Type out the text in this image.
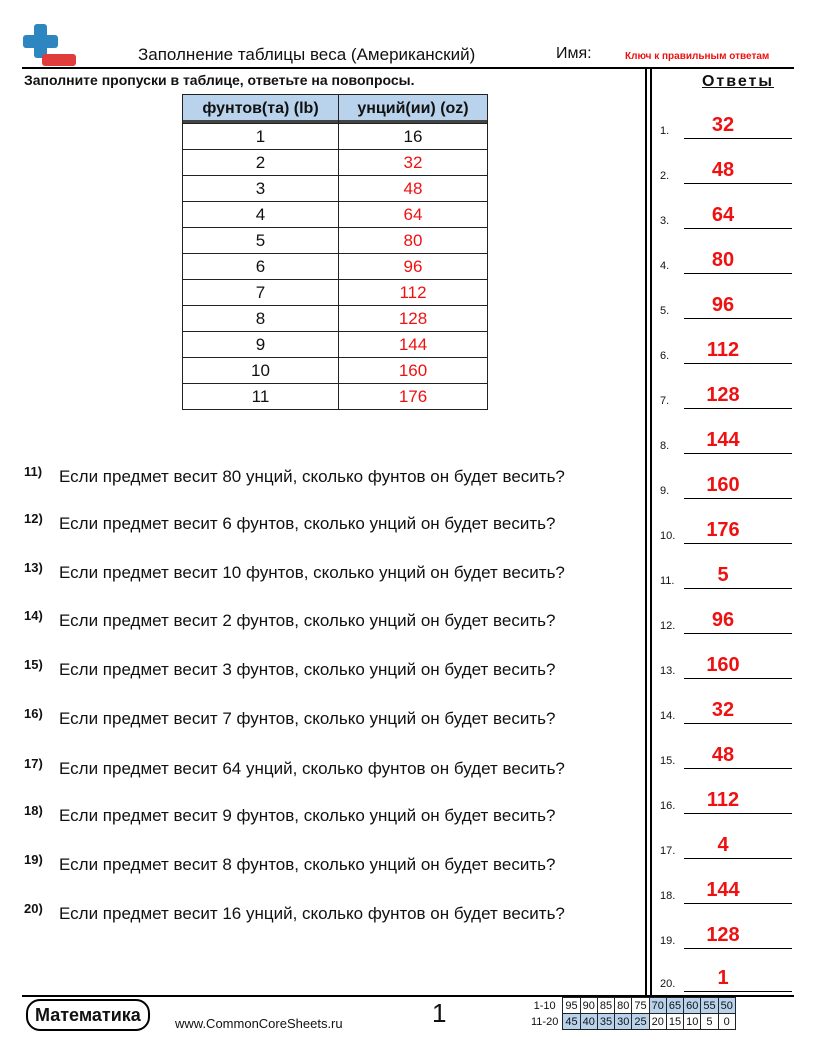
Заполнение таблицы веса (Американский)	Имя:	Ключ к правильным ответам
Заполните пропуски в таблице, ответьте на повопросы.	Ответы
фунтов(та) (lb)	унций(ии) (oz)
1	16
2	32
3	48
4	64
5	80
6	96
7	112
8	128
9	144
10	160
11	176
11) Если предмет весит 80 унций, сколько фунтов он будет весить?
12) Если предмет весит 6 фунтов, сколько унций он будет весить?
13) Если предмет весит 10 фунтов, сколько унций он будет весить?
14) Если предмет весит 2 фунтов, сколько унций он будет весить?
15) Если предмет весит 3 фунтов, сколько унций он будет весить?
16) Если предмет весит 7 фунтов, сколько унций он будет весить?
17) Если предмет весит 64 унций, сколько фунтов он будет весить?
18) Если предмет весит 9 фунтов, сколько унций он будет весить?
19) Если предмет весит 8 фунтов, сколько унций он будет весить?
20) Если предмет весит 16 унций, сколько фунтов он будет весить?
1.	32
2.	48
3.	64
4.	80
5.	96
6.	112
7.	128
8.	144
9.	160
10.	176
11.	5
12.	96
13.	160
14.	32
15.	48
16.	112
17.	4
18.	144
19.	128
20.	1
Математика	www.CommonCoreSheets.ru	1	1-10	95	90	85	80	75	70	65	60	55	50
11-20	45	40	35	30	25	20	15	10	5	0
